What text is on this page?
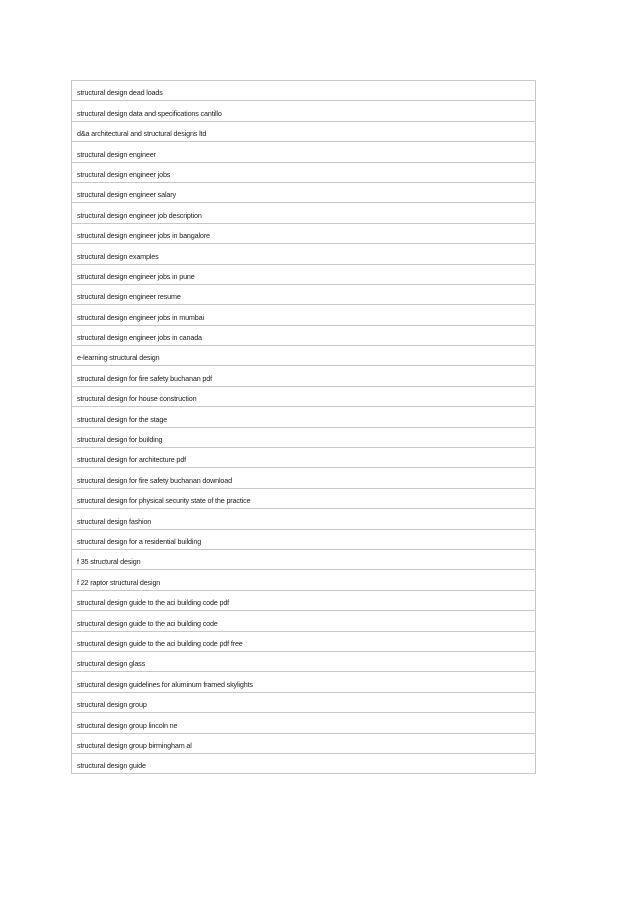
structural design dead loads
structural design data and specifications cantillo
d&a architectural and structural designs ltd
structural design engineer
structural design engineer jobs
structural design engineer salary
structural design engineer job description
structural design engineer jobs in bangalore
structural design examples
structural design engineer jobs in pune
structural design engineer resume
structural design engineer jobs in mumbai
structural design engineer jobs in canada
e-learning structural design
structural design for fire safety buchanan pdf
structural design for house construction
structural design for the stage
structural design for building
structural design for architecture pdf
structural design for fire safety buchanan download
structural design for physical security state of the practice
structural design fashion
structural design for a residential building
f 35 structural design
f 22 raptor structural design
structural design guide to the aci building code pdf
structural design guide to the aci building code
structural design guide to the aci building code pdf free
structural design glass
structural design guidelines for aluminum framed skylights
structural design group
structural design group lincoln ne
structural design group birmingham al
structural design guide
